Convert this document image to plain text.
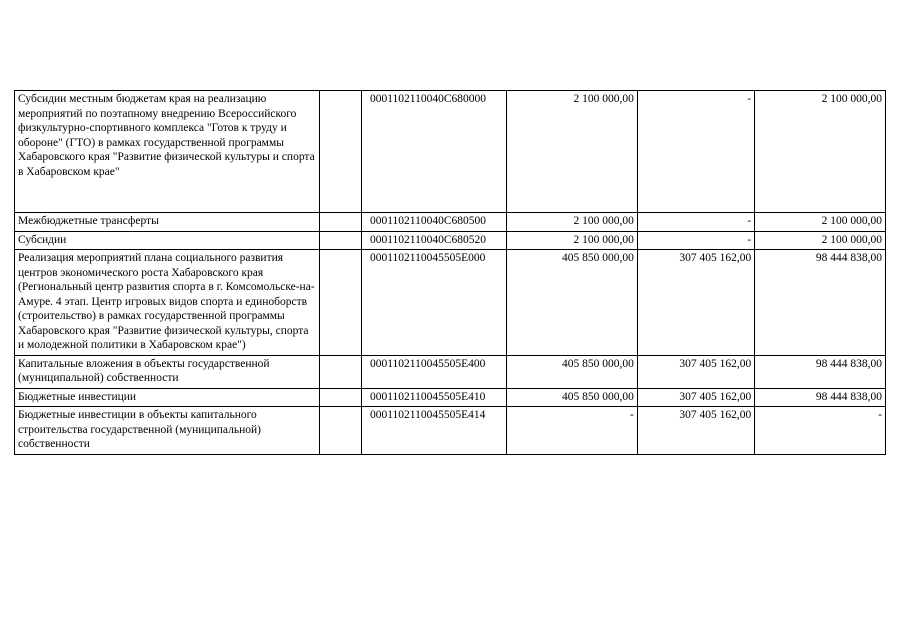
Субсидии местным бюджетам края на реализацию мероприятий по поэтапному внедрению Всероссийского физкультурно-спортивного комплекса "Готов к труду и обороне" (ГТО) в рамках государственной программы Хабаровского края "Развитие физической культуры и спорта в Хабаровском крае"		0001102110040С680000	2 100 000,00	-	2 100 000,00
Межбюджетные трансферты		0001102110040С680500	2 100 000,00	-	2 100 000,00
Субсидии		0001102110040С680520	2 100 000,00	-	2 100 000,00
Реализация мероприятий плана социального развития центров экономического роста Хабаровского края (Региональный центр развития спорта в г. Комсомольске-на-Амуре. 4 этап. Центр игровых видов спорта и единоборств (строительство) в рамках государственной программы Хабаровского края "Развитие физической культуры, спорта и молодежной политики в Хабаровском крае")		0001102110045505E000	405 850 000,00	307 405 162,00	98 444 838,00
Капитальные вложения в объекты государственной (муниципальной) собственности		0001102110045505E400	405 850 000,00	307 405 162,00	98 444 838,00
Бюджетные инвестиции		0001102110045505E410	405 850 000,00	307 405 162,00	98 444 838,00
Бюджетные инвестиции в объекты капитального строительства государственной (муниципальной) собственности		0001102110045505E414	-	307 405 162,00	-
